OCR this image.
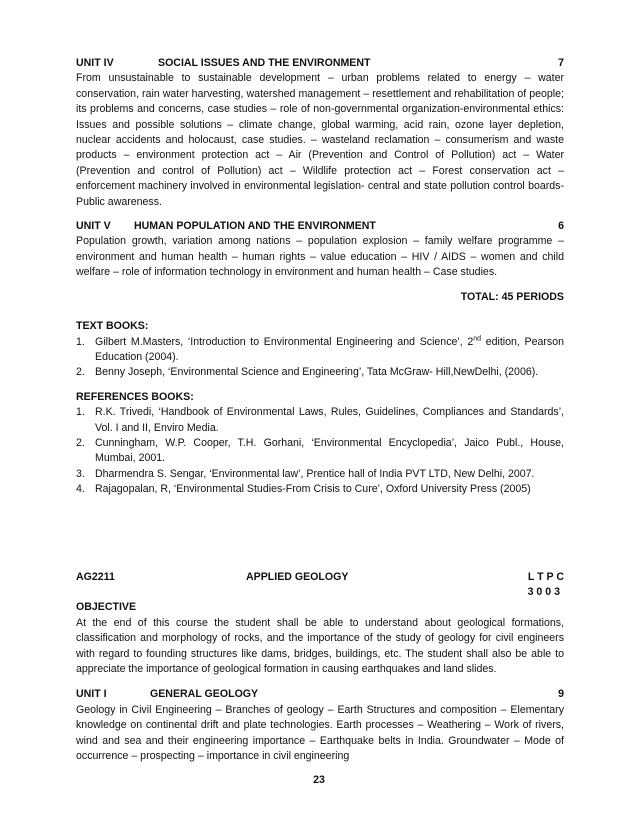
UNIT IV	SOCIAL ISSUES AND THE ENVIRONMENT	7

From unsustainable to sustainable development – urban problems related to energy – water conservation, rain water harvesting, watershed management – resettlement and rehabilitation of people; its problems and concerns, case studies – role of non-governmental organization-environmental ethics: Issues and possible solutions – climate change, global warming, acid rain, ozone layer depletion, nuclear accidents and holocaust, case studies. – wasteland reclamation – consumerism and waste products – environment protection act – Air (Prevention and Control of Pollution) act – Water (Prevention and control of Pollution) act – Wildlife protection act – Forest conservation act – enforcement machinery involved in environmental legislation- central and state pollution control boards- Public awareness.

UNIT V	HUMAN POPULATION AND THE ENVIRONMENT	6

Population growth, variation among nations – population explosion – family welfare programme – environment and human health – human rights – value education – HIV / AIDS – women and child welfare – role of information technology in environment and human health – Case studies.

TOTAL: 45 PERIODS
TEXT BOOKS:
1. Gilbert M.Masters, ‘Introduction to Environmental Engineering and Science’, 2nd edition, Pearson Education (2004).
2. Benny Joseph, ‘Environmental Science and Engineering’, Tata McGraw- Hill,NewDelhi, (2006).
REFERENCES BOOKS:
1. R.K. Trivedi, ‘Handbook of Environmental Laws, Rules, Guidelines, Compliances and Standards’, Vol. I and II, Enviro Media.
2. Cunningham, W.P. Cooper, T.H. Gorhani, ‘Environmental Encyclopedia’, Jaico Publ., House, Mumbai, 2001.
3. Dharmendra S. Sengar, ‘Environmental law’, Prentice hall of India PVT LTD, New Delhi, 2007.
4. Rajagopalan, R, ‘Environmental Studies-From Crisis to Cure’, Oxford University Press (2005)
AG2211	APPLIED GEOLOGY	L T P C
3 0 0 3
OBJECTIVE

At the end of this course the student shall be able to understand about geological formations, classification and morphology of rocks, and the importance of the study of geology for civil engineers with regard to founding structures like dams, bridges, buildings, etc. The student shall also be able to appreciate the importance of geological formation in causing earthquakes and land slides.

UNIT I	GENERAL GEOLOGY	9

Geology in Civil Engineering – Branches of geology – Earth Structures and composition – Elementary knowledge on continental drift and plate technologies. Earth processes – Weathering – Work of rivers, wind and sea and their engineering importance – Earthquake belts in India. Groundwater – Mode of occurrence – prospecting – importance in civil engineering

23
